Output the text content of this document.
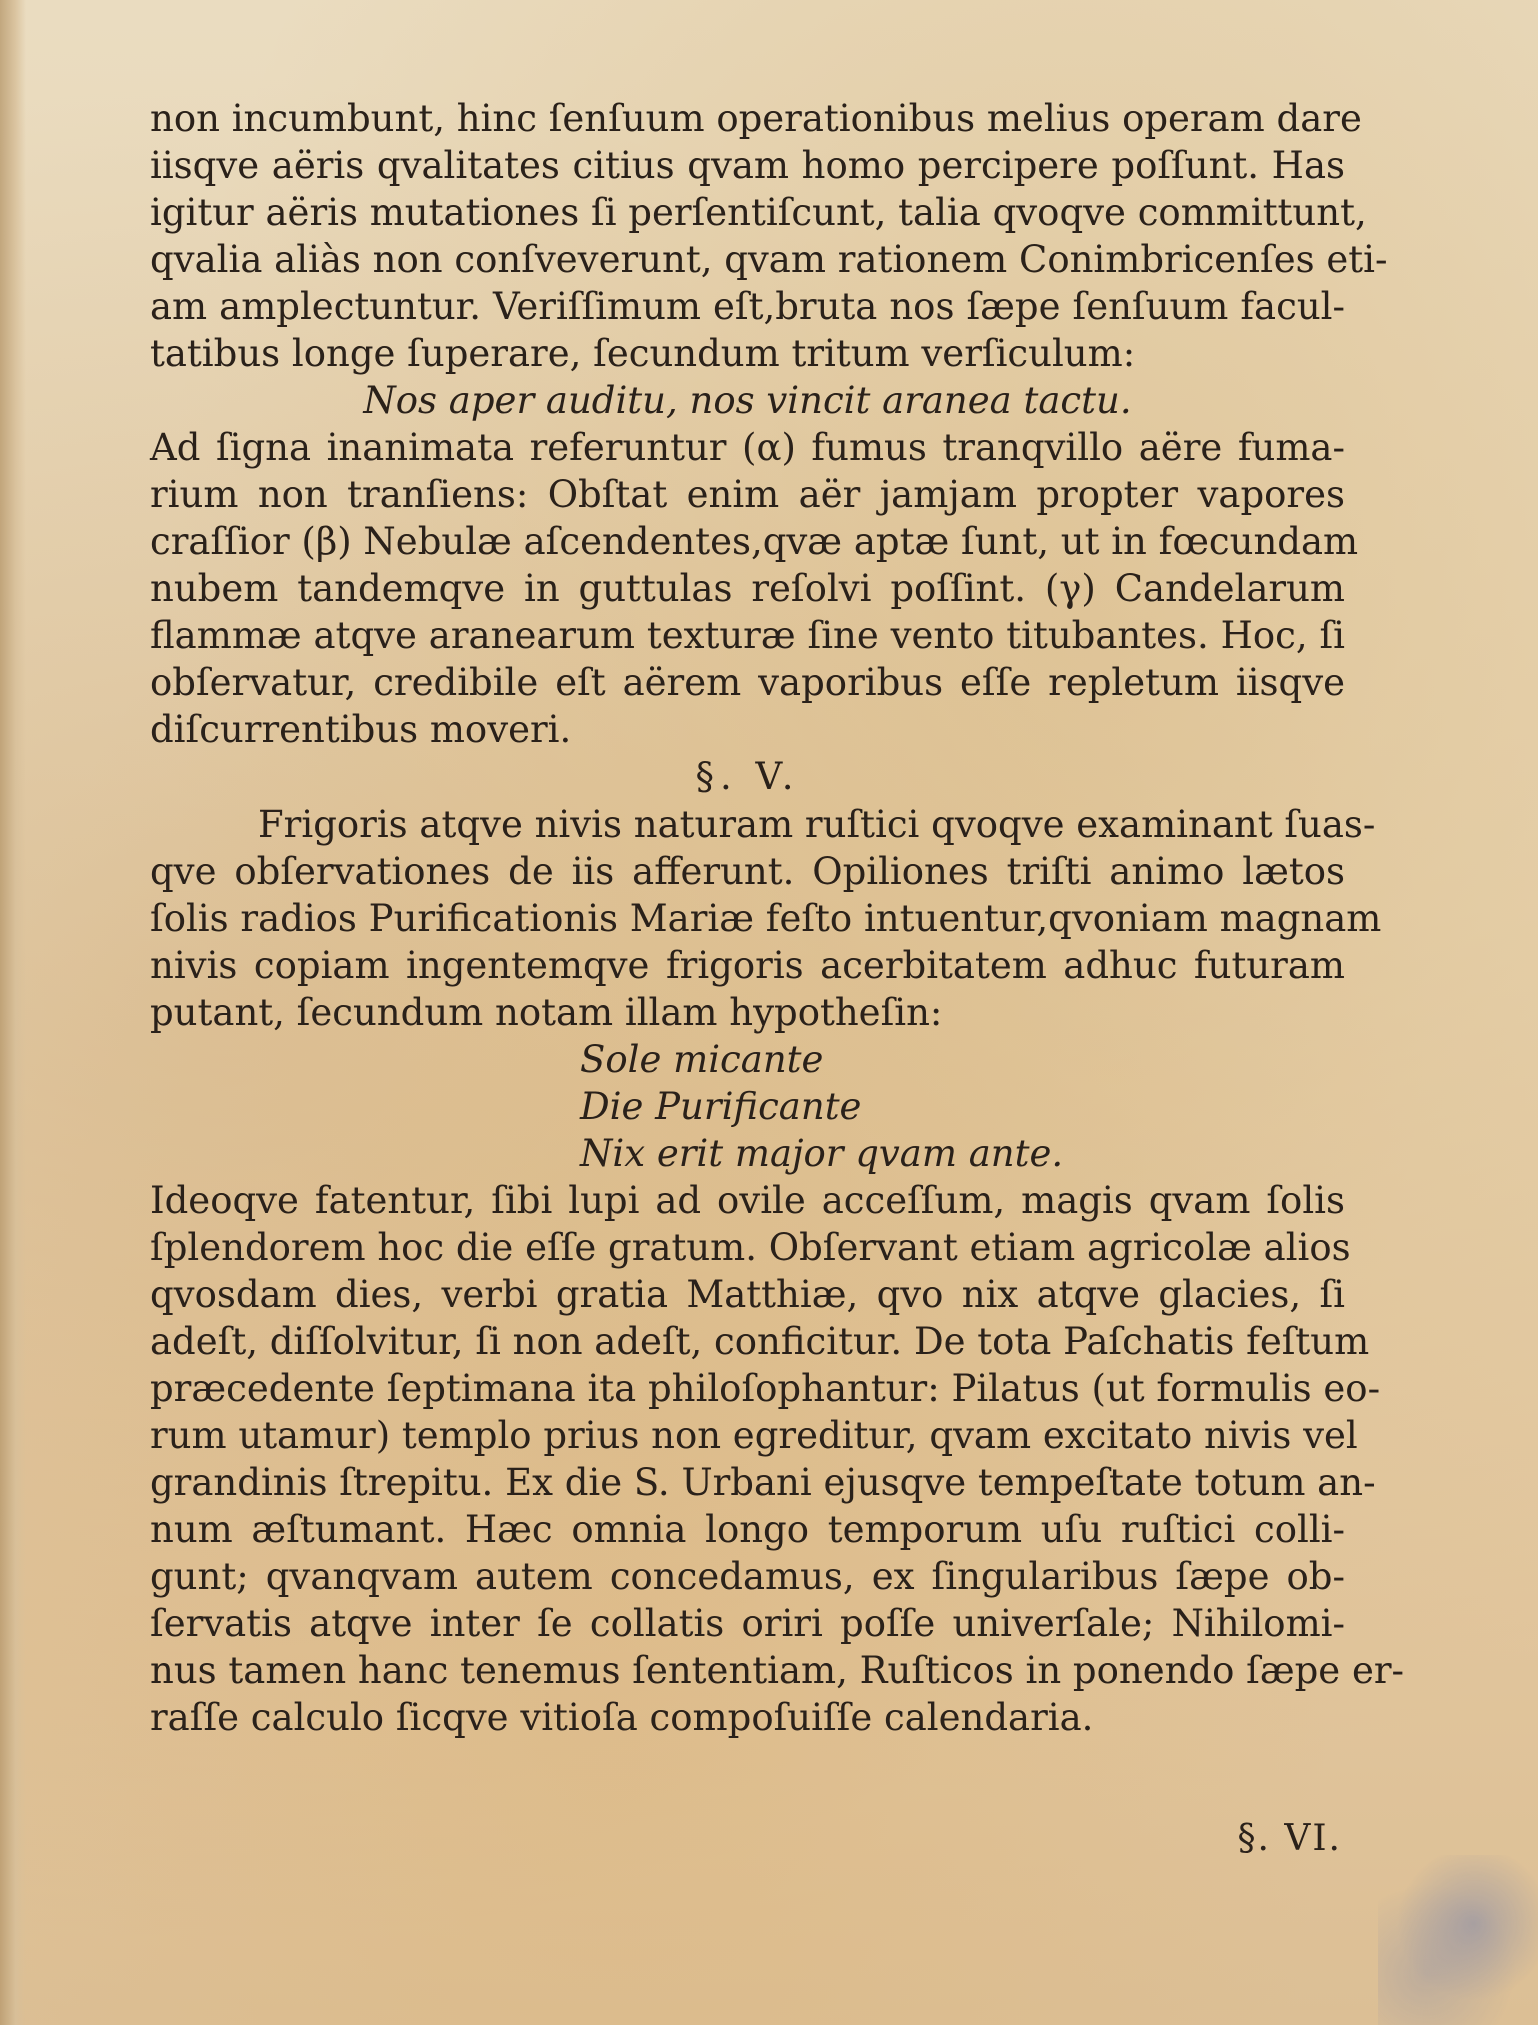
non incumbunt, hinc ſenſuum operationibus melius operam dare
iisqve aëris qvalitates citius qvam homo percipere poſſunt. Has
igitur aëris mutationes ſi perſentiſcunt, talia qvoqve committunt,
qvalia aliàs non conſveverunt, qvam rationem Conimbricenſes eti-
am amplectuntur. Veriſſimum eſt,bruta nos ſæpe ſenſuum facul-
tatibus longe ſuperare, ſecundum tritum verſiculum:
Nos aper auditu, nos vincit aranea tactu.
Ad ſigna inanimata referuntur (α) fumus tranqvillo aëre fuma-
rium non tranſiens: Obſtat enim aër jamjam propter vapores
craſſior (β) Nebulæ aſcendentes,qvæ aptæ ſunt, ut in fœcundam
nubem tandemqve in guttulas reſolvi poſſint. (γ) Candelarum
flammæ atqve aranearum texturæ ſine vento titubantes. Hoc, ſi
obſervatur, credibile eſt aërem vaporibus eſſe repletum iisqve
diſcurrentibus moveri.
§. V.
Frigoris atqve nivis naturam ruſtici qvoqve examinant ſuas-
qve obſervationes de iis afferunt. Opiliones triſti animo lætos
ſolis radios Purificationis Mariæ feſto intuentur,qvoniam magnam
nivis copiam ingentemqve frigoris acerbitatem adhuc futuram
putant, ſecundum notam illam hypotheſin:
Sole micante
Die Purificante
Nix erit major qvam ante.
Ideoqve fatentur, ſibi lupi ad ovile acceſſum, magis qvam ſolis
ſplendorem hoc die eſſe gratum. Obſervant etiam agricolæ alios
qvosdam dies, verbi gratia Matthiæ, qvo nix atqve glacies, ſi
adeſt, diſſolvitur, ſi non adeſt, conficitur. De tota Paſchatis feſtum
præcedente ſeptimana ita philoſophantur: Pilatus (ut formulis eo-
rum utamur) templo prius non egreditur, qvam excitato nivis vel
grandinis ſtrepitu. Ex die S. Urbani ejusqve tempeſtate totum an-
num æſtumant. Hæc omnia longo temporum uſu ruſtici colli-
gunt; qvanqvam autem concedamus, ex ſingularibus ſæpe ob-
ſervatis atqve inter ſe collatis oriri poſſe univerſale; Nihilomi-
nus tamen hanc tenemus ſententiam, Ruſticos in ponendo ſæpe er-
raſſe calculo ſicqve vitioſa compoſuiſſe calendaria.
§. VI.
